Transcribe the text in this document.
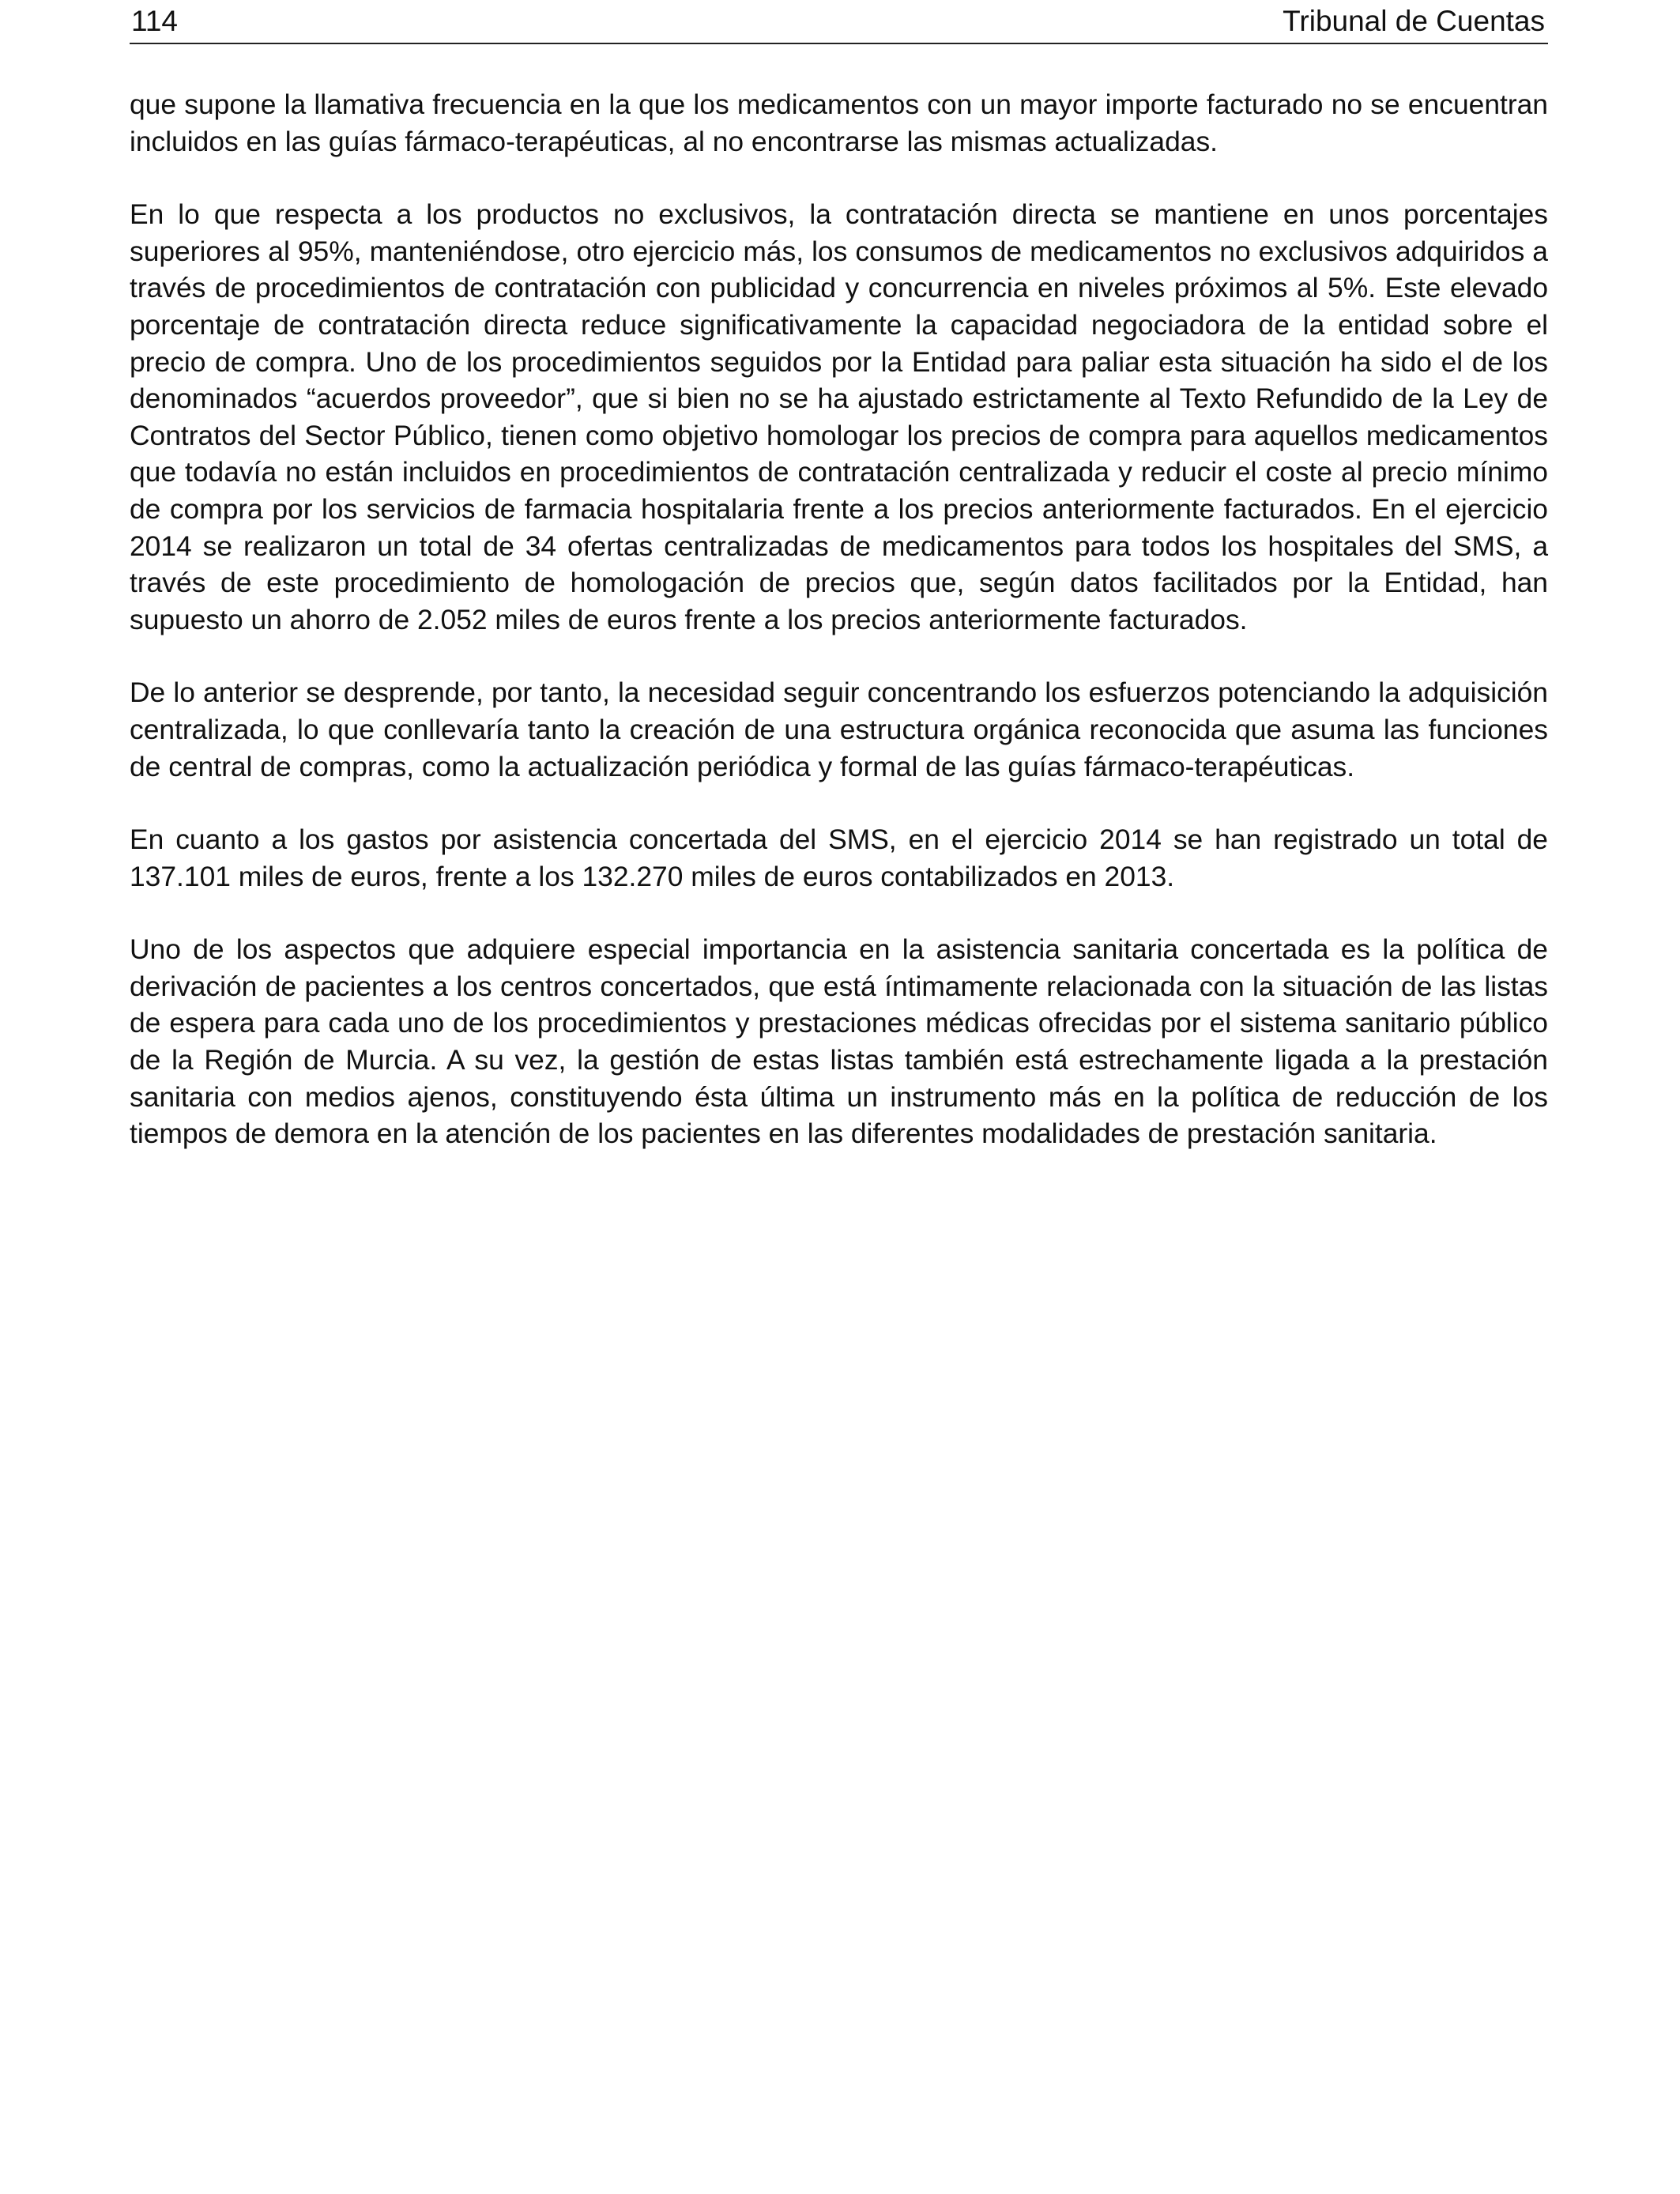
114	Tribunal de Cuentas

que supone la llamativa frecuencia en la que los medicamentos con un mayor importe facturado no se encuentran incluidos en las guías fármaco-terapéuticas, al no encontrarse las mismas actualizadas.

En lo que respecta a los productos no exclusivos, la contratación directa se mantiene en unos porcentajes superiores al 95%, manteniéndose, otro ejercicio más, los consumos de medicamentos no exclusivos adquiridos a través de procedimientos de contratación con publicidad y concurrencia en niveles próximos al 5%. Este elevado porcentaje de contratación directa reduce significativamente la capacidad negociadora de la entidad sobre el precio de compra. Uno de los procedimientos seguidos por la Entidad para paliar esta situación ha sido el de los denominados “acuerdos proveedor”, que si bien no se ha ajustado estrictamente al Texto Refundido de la Ley de Contratos del Sector Público, tienen como objetivo homologar los precios de compra para aquellos medicamentos que todavía no están incluidos en procedimientos de contratación centralizada y reducir el coste al precio mínimo de compra por los servicios de farmacia hospitalaria frente a los precios anteriormente facturados. En el ejercicio 2014 se realizaron un total de 34 ofertas centralizadas de medicamentos para todos los hospitales del SMS, a través de este procedimiento de homologación de precios que, según datos facilitados por la Entidad, han supuesto un ahorro de 2.052 miles de euros frente a los precios anteriormente facturados.

De lo anterior se desprende, por tanto, la necesidad seguir concentrando los esfuerzos potenciando la adquisición centralizada, lo que conllevaría tanto la creación de una estructura orgánica reconocida que asuma las funciones de central de compras, como la actualización periódica y formal de las guías fármaco-terapéuticas.

En cuanto a los gastos por asistencia concertada del SMS, en el ejercicio 2014 se han registrado un total de 137.101 miles de euros, frente a los 132.270 miles de euros contabilizados en 2013.

Uno de los aspectos que adquiere especial importancia en la asistencia sanitaria concertada es la política de derivación de pacientes a los centros concertados, que está íntimamente relacionada con la situación de las listas de espera para cada uno de los procedimientos y prestaciones médicas ofrecidas por el sistema sanitario público de la Región de Murcia. A su vez, la gestión de estas listas también está estrechamente ligada a la prestación sanitaria con medios ajenos, constituyendo ésta última un instrumento más en la política de reducción de los tiempos de demora en la atención de los pacientes en las diferentes modalidades de prestación sanitaria.
